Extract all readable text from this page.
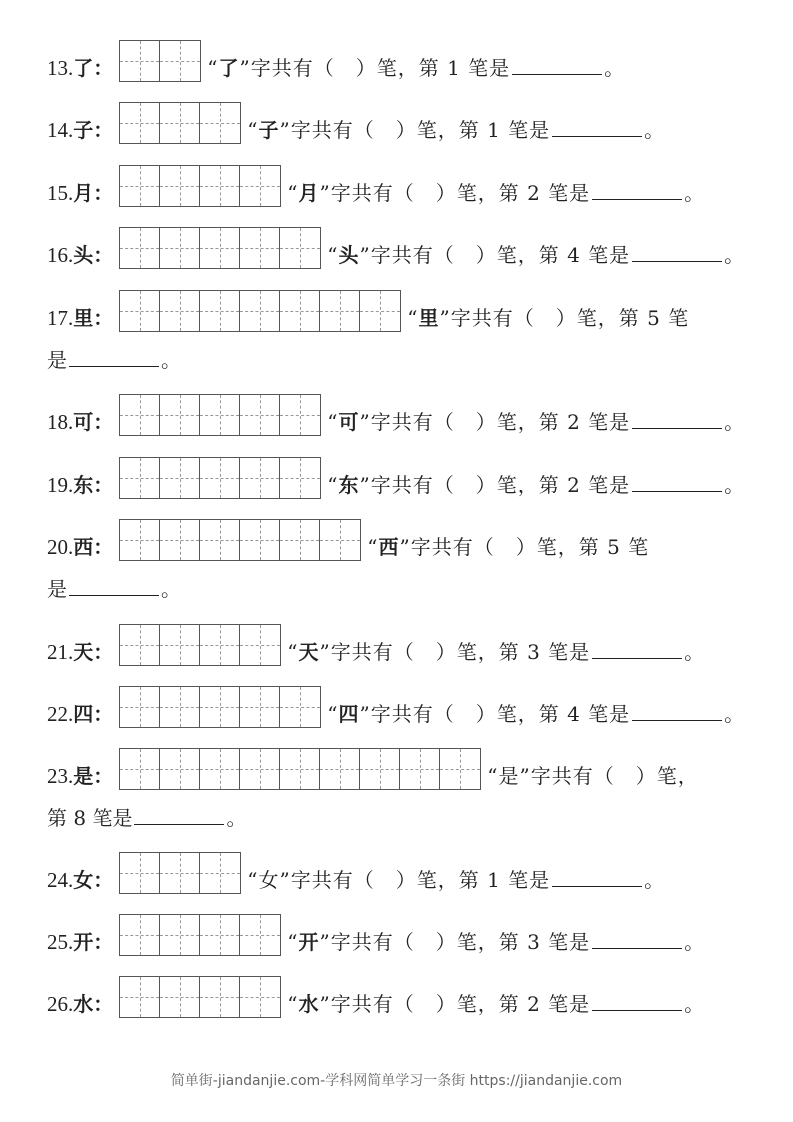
13. 了 ：	“了”字共有（　）笔，第 1 笔是	。
14. 子 ：	“子”字共有（　）笔，第 1 笔是	。
15. 月 ：	“月”字共有（　）笔，第 2 笔是	。
16. 头 ：	“头”字共有（　）笔，第 4 笔是	。
17. 里 ：	“里”字共有（　）笔，第 5 笔
是	。
18. 可 ：	“可”字共有（　）笔，第 2 笔是	。
19. 东 ：	“东”字共有（　）笔，第 2 笔是	。
20. 西 ：	“西”字共有（　）笔，第 5 笔
是	。
21. 天 ：	“天”字共有（　）笔，第 3 笔是	。
22. 四 ：	“四”字共有（　）笔，第 4 笔是	。
23. 是 ：	“是”字共有（　）笔，
第 8 笔是	。
24. 女 ：	“女”字共有（　）笔，第 1 笔是	。
25. 开 ：	“开”字共有（　）笔，第 3 笔是	。
26. 水 ：	“水”字共有（　）笔，第 2 笔是	。
简单街-jiandanjie.com-学科网简单学习一条街 https://jiandanjie.com
